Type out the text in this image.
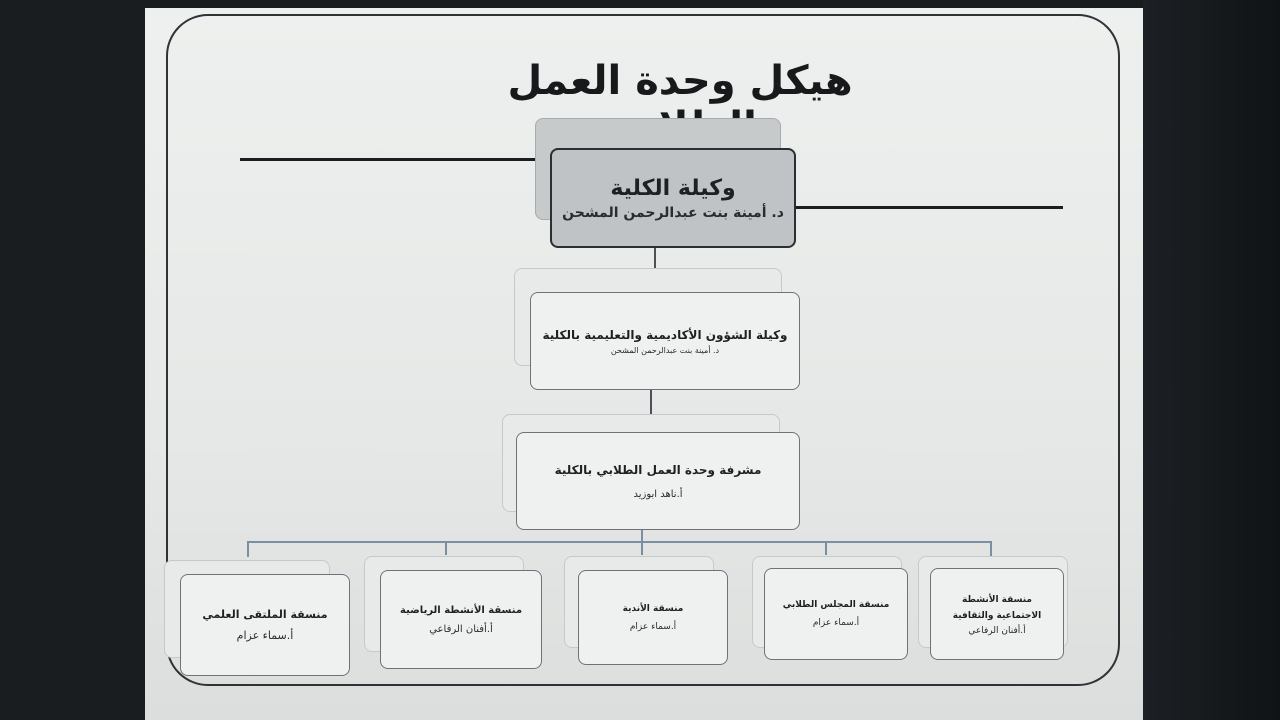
هيكل وحدة العمل
وكيلة الكلية
د. أمينة بنت عبدالرحمن المشحن
وكيلة الشؤون الأكاديمية والتعليمية بالكلية
د. أمينة بنت عبدالرحمن المشحن
مشرفة وحدة العمل الطلابي بالكلية
أ.ناهد ابوزيد
منسقة الأنشطة الاجتماعية والثقافية
أ.أفنان الرفاعي
منسقة المجلس الطلابي
أ.سماء عزام
منسقة الأندية
أ.سماء عزام
منسقة الأنشطة الرياضية
أ.أفنان الرفاعي
منسقة الملتقى العلمي
أ.سماء عزام
